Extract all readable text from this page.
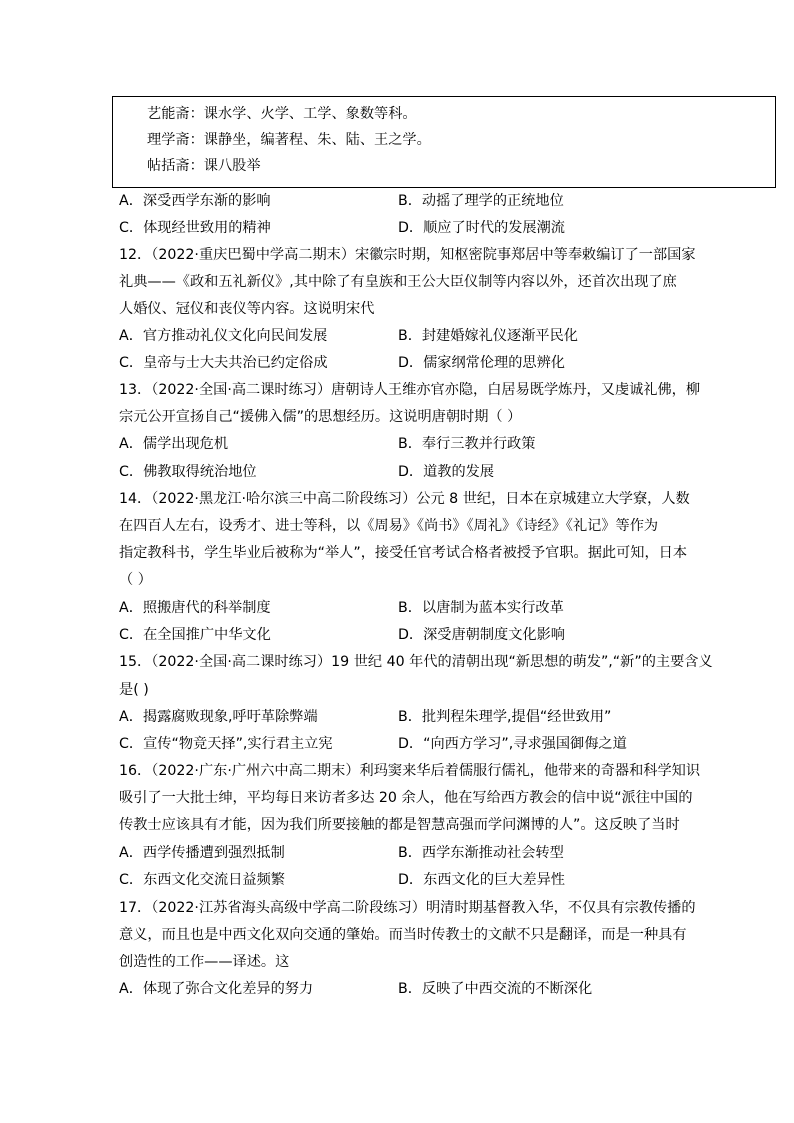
艺能斋：课水学、火学、工学、象数等科。
理学斋：课静坐，编著程、朱、陆、王之学。
帖括斋：课八股举
A．深受西学东渐的影响	B．动摇了理学的正统地位
C．体现经世致用的精神	D．顺应了时代的发展潮流
12．（2022·重庆巴蜀中学高二期末）宋徽宗时期，知枢密院事郑居中等奉敕编订了一部国家
礼典——《政和五礼新仪》,其中除了有皇族和王公大臣仪制等内容以外，还首次出现了庶
人婚仪、冠仪和丧仪等内容。这说明宋代
A．官方推动礼仪文化向民间发展	B．封建婚嫁礼仪逐渐平民化
C．皇帝与士大夫共治已约定俗成	D．儒家纲常伦理的思辨化
13．（2022·全国·高二课时练习）唐朝诗人王维亦官亦隐，白居易既学炼丹，又虔诚礼佛，柳
宗元公开宣扬自己“援佛入儒”的思想经历。这说明唐朝时期（ ）
A．儒学出现危机	B．奉行三教并行政策
C．佛教取得统治地位	D．道教的发展
14．（2022·黑龙江·哈尔滨三中高二阶段练习）公元 8 世纪，日本在京城建立大学寮，人数
在四百人左右，设秀才、进士等科，以《周易》《尚书》《周礼》《诗经》《礼记》等作为
指定教科书，学生毕业后被称为“举人”，接受任官考试合格者被授予官职。据此可知，日本
（ ）
A．照搬唐代的科举制度	B．以唐制为蓝本实行改革
C．在全国推广中华文化	D．深受唐朝制度文化影响
15．（2022·全国·高二课时练习）19 世纪 40 年代的清朝出现“新思想的萌发”,“新”的主要含义
是( )
A．揭露腐败现象,呼吁革除弊端	B．批判程朱理学,提倡“经世致用”
C．宣传“物竞天择”,实行君主立宪	D．“向西方学习”,寻求强国御侮之道
16．（2022·广东·广州六中高二期末）利玛窦来华后着儒服行儒礼，他带来的奇器和科学知识
吸引了一大批士绅，平均每日来访者多达 20 余人，他在写给西方教会的信中说“派往中国的
传教士应该具有才能，因为我们所要接触的都是智慧高强而学问渊博的人”。这反映了当时
A．西学传播遭到强烈抵制	B．西学东渐推动社会转型
C．东西文化交流日益频繁	D．东西文化的巨大差异性
17．（2022·江苏省海头高级中学高二阶段练习）明清时期基督教入华，不仅具有宗教传播的
意义，而且也是中西文化双向交通的肇始。而当时传教士的文献不只是翻译，而是一种具有
创造性的工作——译述。这
A．体现了弥合文化差异的努力	B．反映了中西交流的不断深化
